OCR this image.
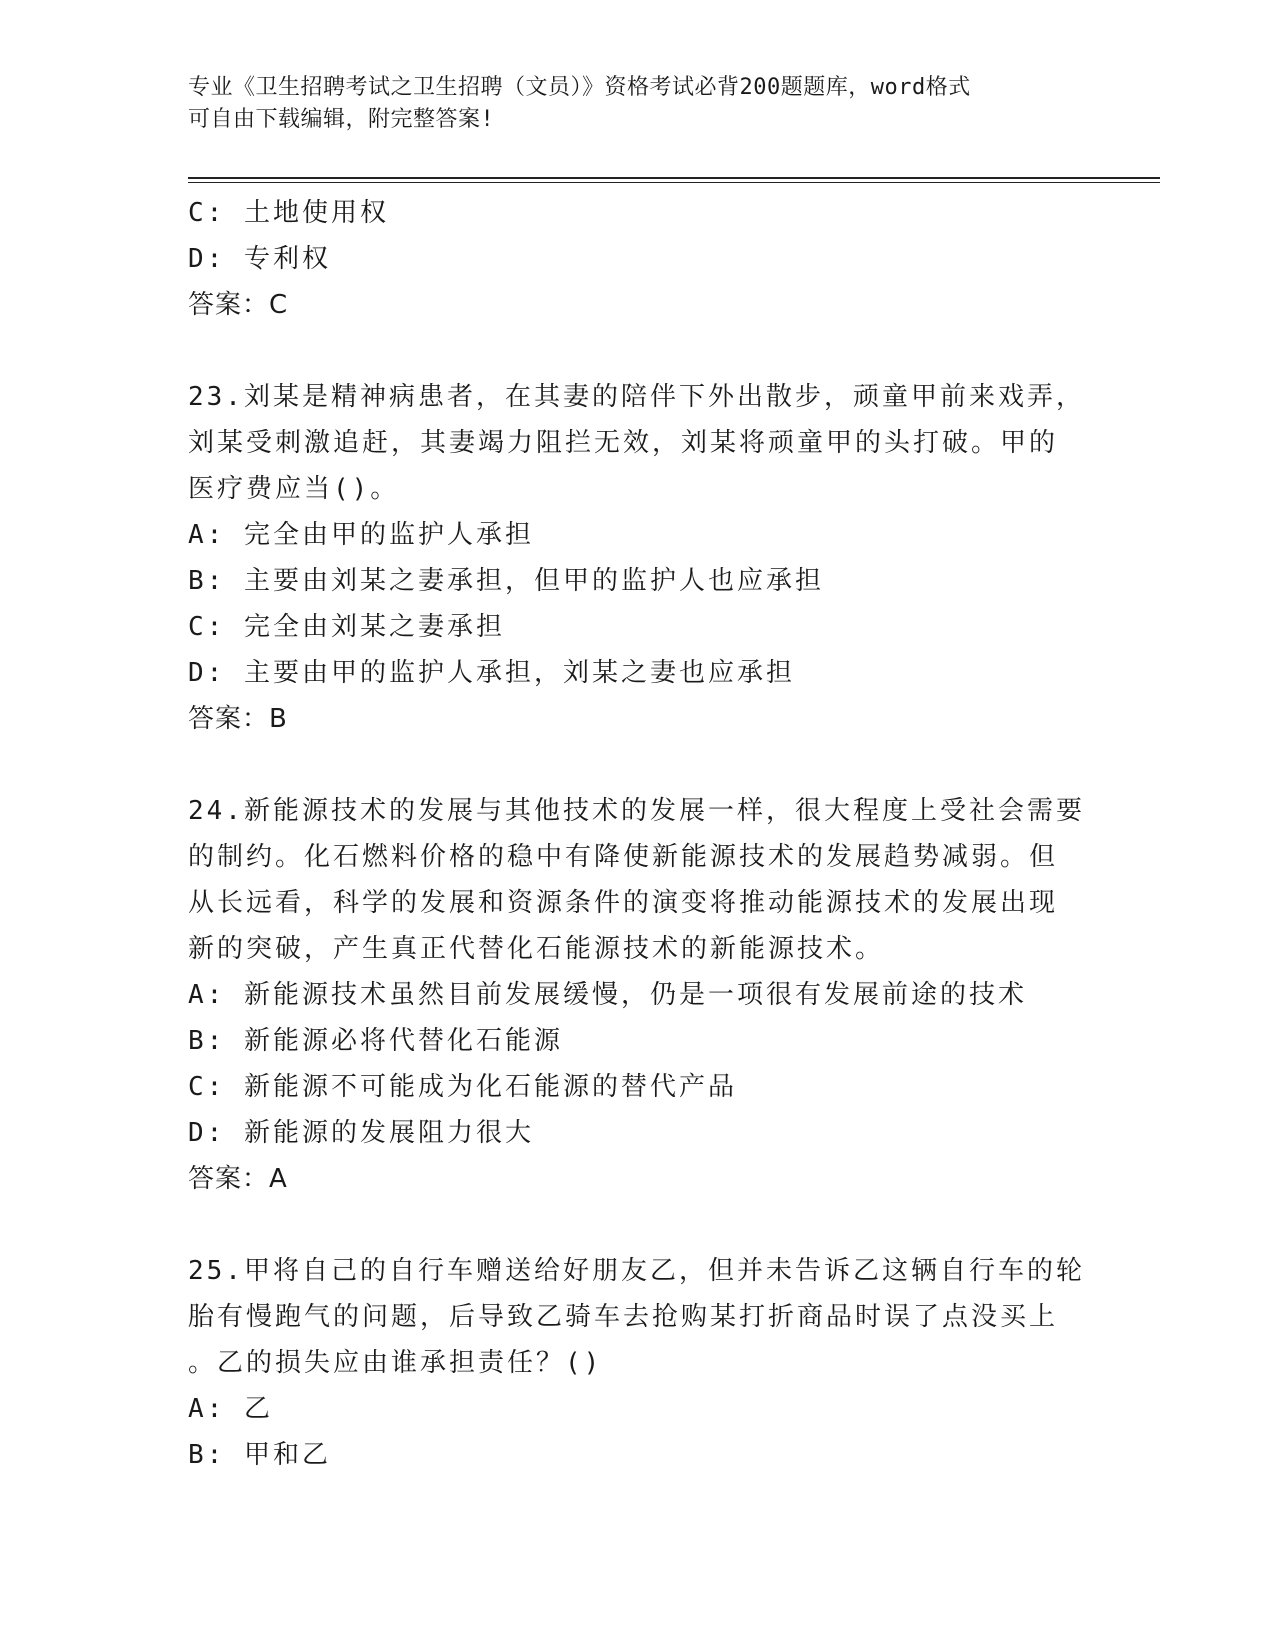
专业《卫生招聘考试之卫生招聘（文员）》资格考试必背200题题库，word格式
可自由下载编辑，附完整答案!
C: 土地使用权
D: 专利权
答案：C
23.刘某是精神病患者，在其妻的陪伴下外出散步，顽童甲前来戏弄，
刘某受刺激追赶，其妻竭力阻拦无效，刘某将顽童甲的头打破。甲的
医疗费应当()。
A: 完全由甲的监护人承担
B: 主要由刘某之妻承担，但甲的监护人也应承担
C: 完全由刘某之妻承担
D: 主要由甲的监护人承担，刘某之妻也应承担
答案：B
24.新能源技术的发展与其他技术的发展一样，很大程度上受社会需要
的制约。化石燃料价格的稳中有降使新能源技术的发展趋势减弱。但
从长远看，科学的发展和资源条件的演变将推动能源技术的发展出现
新的突破，产生真正代替化石能源技术的新能源技术。
A: 新能源技术虽然目前发展缓慢，仍是一项很有发展前途的技术
B: 新能源必将代替化石能源
C: 新能源不可能成为化石能源的替代产品
D: 新能源的发展阻力很大
答案：A
25.甲将自己的自行车赠送给好朋友乙，但并未告诉乙这辆自行车的轮
胎有慢跑气的问题，后导致乙骑车去抢购某打折商品时误了点没买上
。乙的损失应由谁承担责任？()
A: 乙
B: 甲和乙
